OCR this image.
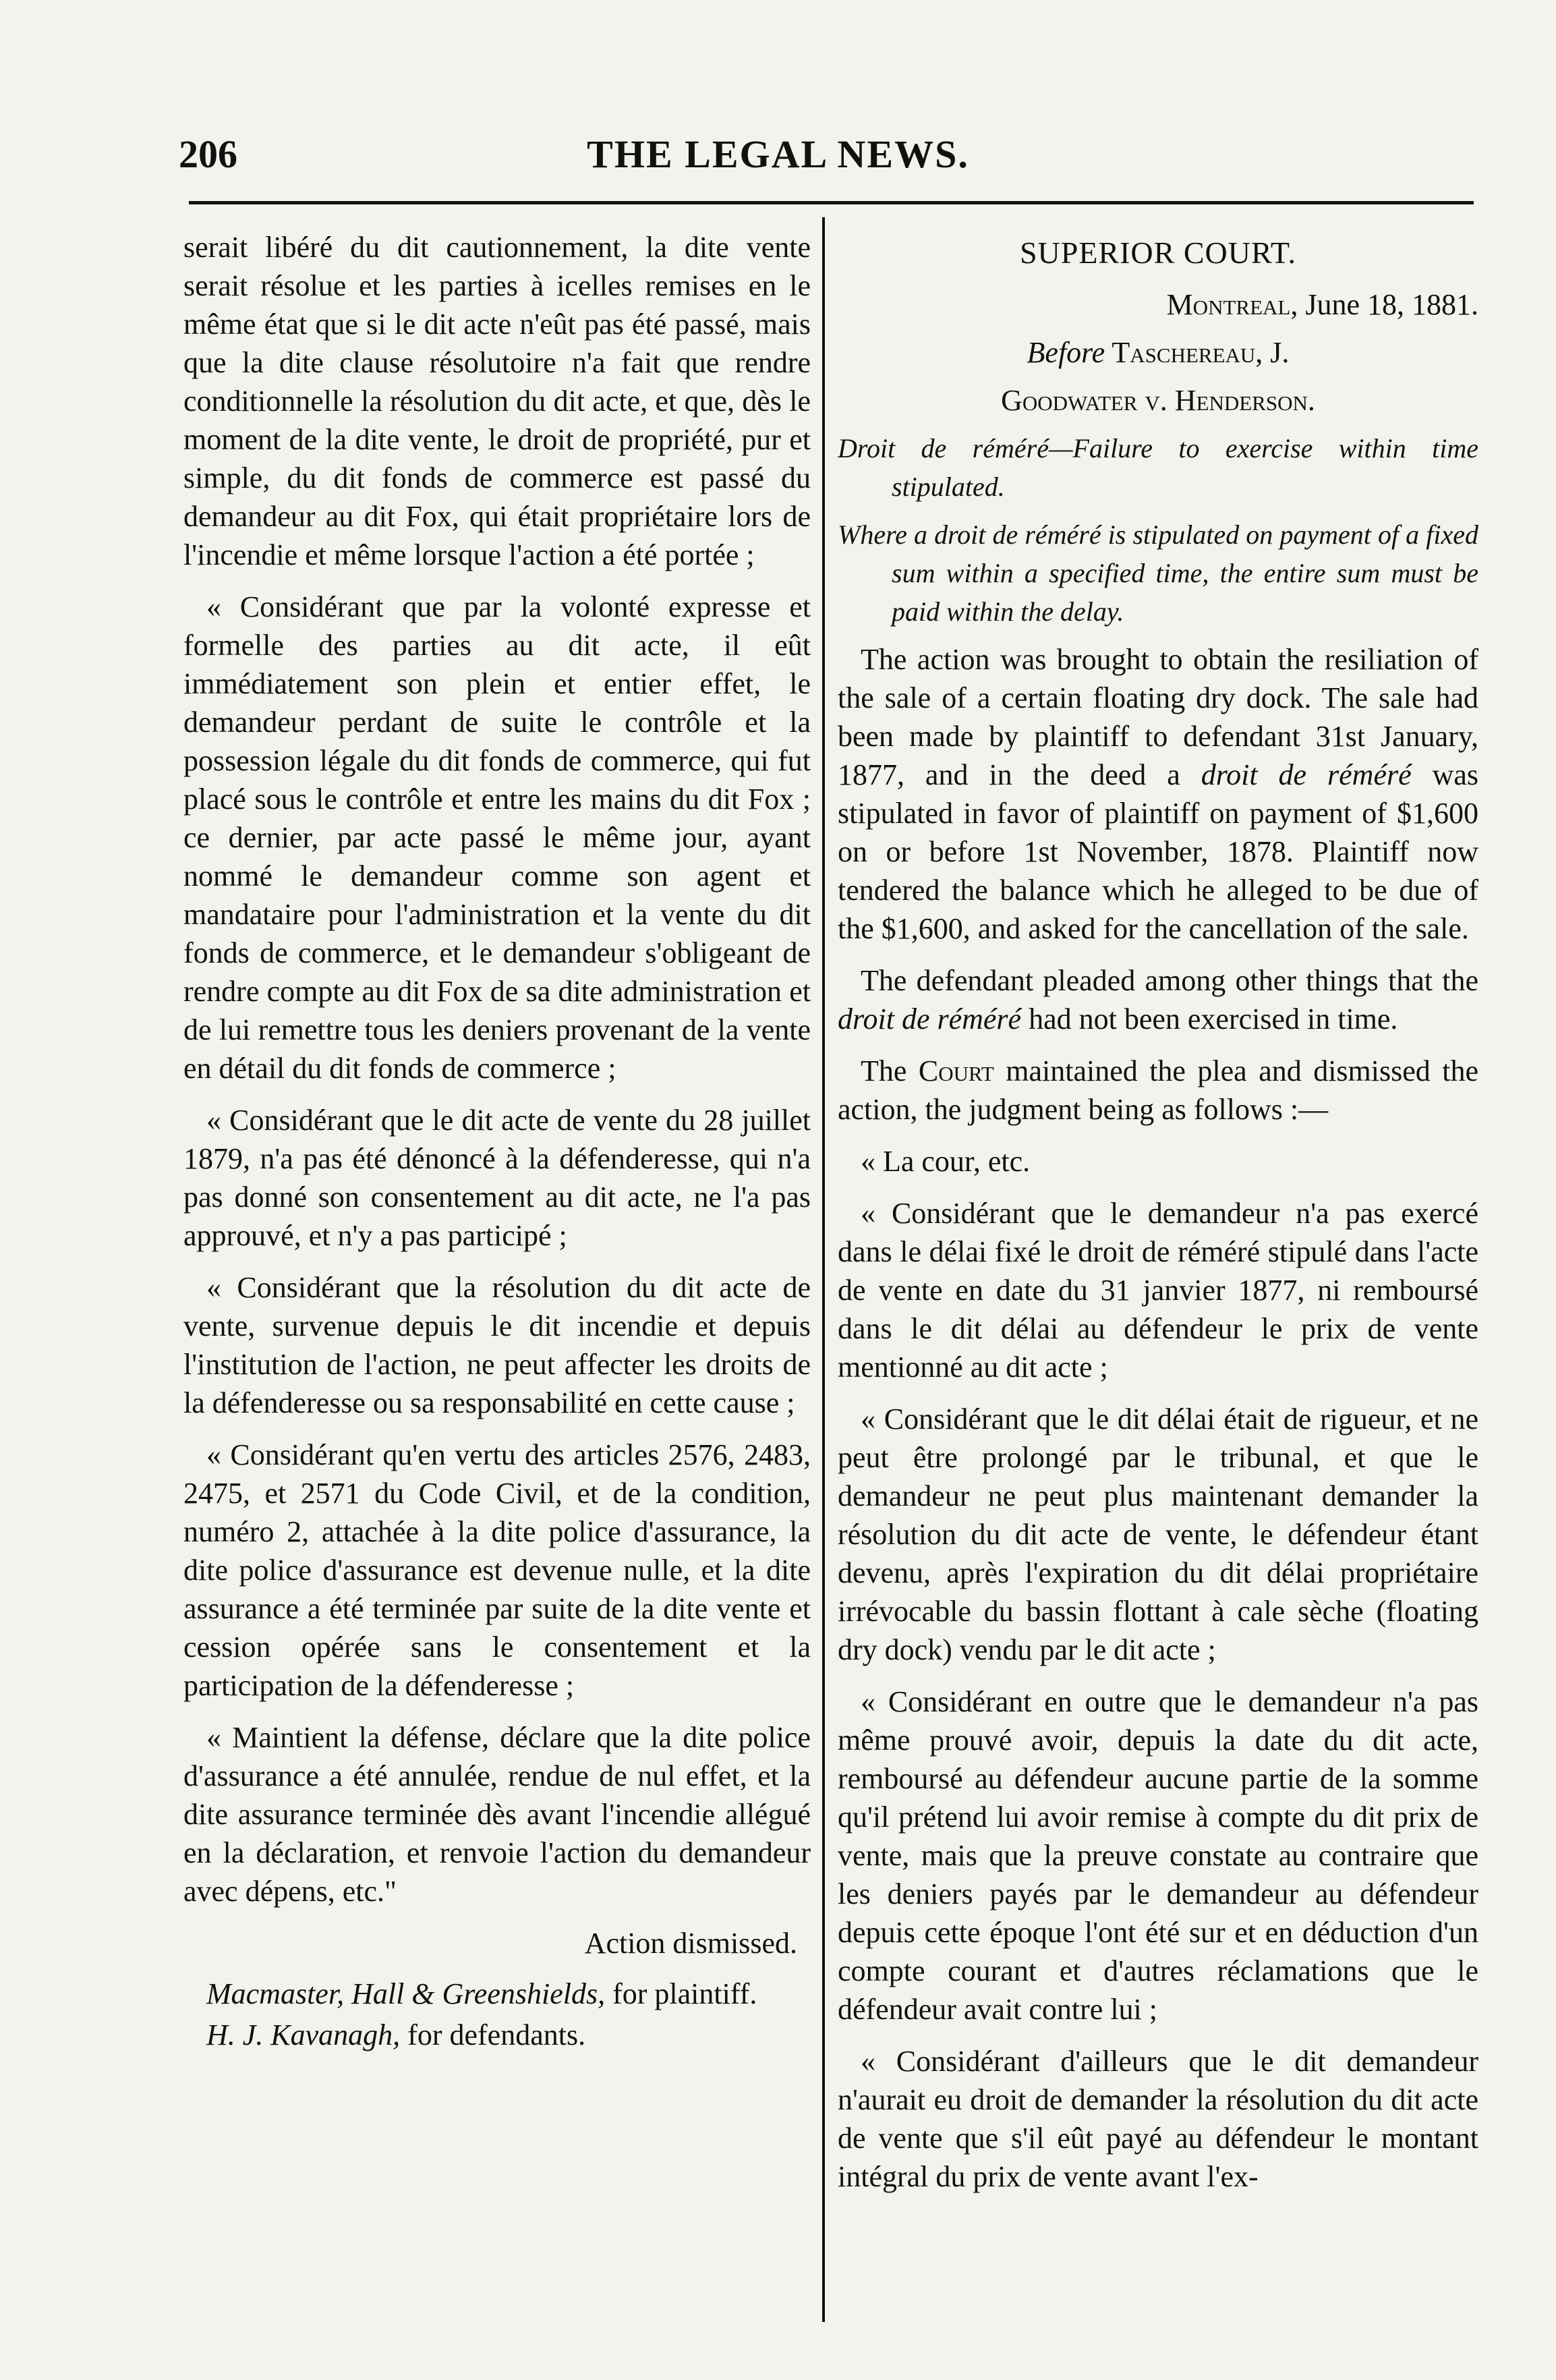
206	THE LEGAL NEWS.

serait libéré du dit cautionnement, la dite vente serait résolue et les parties à icelles remises en le même état que si le dit acte n'eût pas été passé, mais que la dite clause résolutoire n'a fait que rendre conditionnelle la résolution du dit acte, et que, dès le moment de la dite vente, le droit de propriété, pur et simple, du dit fonds de commerce est passé du demandeur au dit Fox, qui était propriétaire lors de l'incendie et même lorsque l'action a été portée ;

« Considérant que par la volonté expresse et formelle des parties au dit acte, il eût immédiatement son plein et entier effet, le demandeur perdant de suite le contrôle et la possession légale du dit fonds de commerce, qui fut placé sous le contrôle et entre les mains du dit Fox ; ce dernier, par acte passé le même jour, ayant nommé le demandeur comme son agent et mandataire pour l'administration et la vente du dit fonds de commerce, et le demandeur s'obligeant de rendre compte au dit Fox de sa dite administration et de lui remettre tous les deniers provenant de la vente en détail du dit fonds de commerce ;

« Considérant que le dit acte de vente du 28 juillet 1879, n'a pas été dénoncé à la défenderesse, qui n'a pas donné son consentement au dit acte, ne l'a pas approuvé, et n'y a pas participé ;

« Considérant que la résolution du dit acte de vente, survenue depuis le dit incendie et depuis l'institution de l'action, ne peut affecter les droits de la défenderesse ou sa responsabilité en cette cause ;

« Considérant qu'en vertu des articles 2576, 2483, 2475, et 2571 du Code Civil, et de la condition, numéro 2, attachée à la dite police d'assurance, la dite police d'assurance est devenue nulle, et la dite assurance a été terminée par suite de la dite vente et cession opérée sans le consentement et la participation de la défenderesse ;

« Maintient la défense, déclare que la dite police d'assurance a été annulée, rendue de nul effet, et la dite assurance terminée dès avant l'incendie allégué en la déclaration, et renvoie l'action du demandeur avec dépens, etc."

Action dismissed.

Macmaster, Hall & Greenshields, for plaintiff.

H. J. Kavanagh, for defendants.

SUPERIOR COURT.
Montreal, June 18, 1881.
Before Taschereau, J.
Goodwater v. Henderson.

Droit de réméré—Failure to exercise within time stipulated.

Where a droit de réméré is stipulated on payment of a fixed sum within a specified time, the entire sum must be paid within the delay.

The action was brought to obtain the resiliation of the sale of a certain floating dry dock. The sale had been made by plaintiff to defendant 31st January, 1877, and in the deed a droit de réméré was stipulated in favor of plaintiff on payment of $1,600 on or before 1st November, 1878. Plaintiff now tendered the balance which he alleged to be due of the $1,600, and asked for the cancellation of the sale.

The defendant pleaded among other things that the droit de réméré had not been exercised in time.

The Court maintained the plea and dismissed the action, the judgment being as follows :—

« La cour, etc.

« Considérant que le demandeur n'a pas exercé dans le délai fixé le droit de réméré stipulé dans l'acte de vente en date du 31 janvier 1877, ni remboursé dans le dit délai au défendeur le prix de vente mentionné au dit acte ;

« Considérant que le dit délai était de rigueur, et ne peut être prolongé par le tribunal, et que le demandeur ne peut plus maintenant demander la résolution du dit acte de vente, le défendeur étant devenu, après l'expiration du dit délai propriétaire irrévocable du bassin flottant à cale sèche (floating dry dock) vendu par le dit acte ;

« Considérant en outre que le demandeur n'a pas même prouvé avoir, depuis la date du dit acte, remboursé au défendeur aucune partie de la somme qu'il prétend lui avoir remise à compte du dit prix de vente, mais que la preuve constate au contraire que les deniers payés par le demandeur au défendeur depuis cette époque l'ont été sur et en déduction d'un compte courant et d'autres réclamations que le défendeur avait contre lui ;

« Considérant d'ailleurs que le dit demandeur n'aurait eu droit de demander la résolution du dit acte de vente que s'il eût payé au défendeur le montant intégral du prix de vente avant l'ex-
